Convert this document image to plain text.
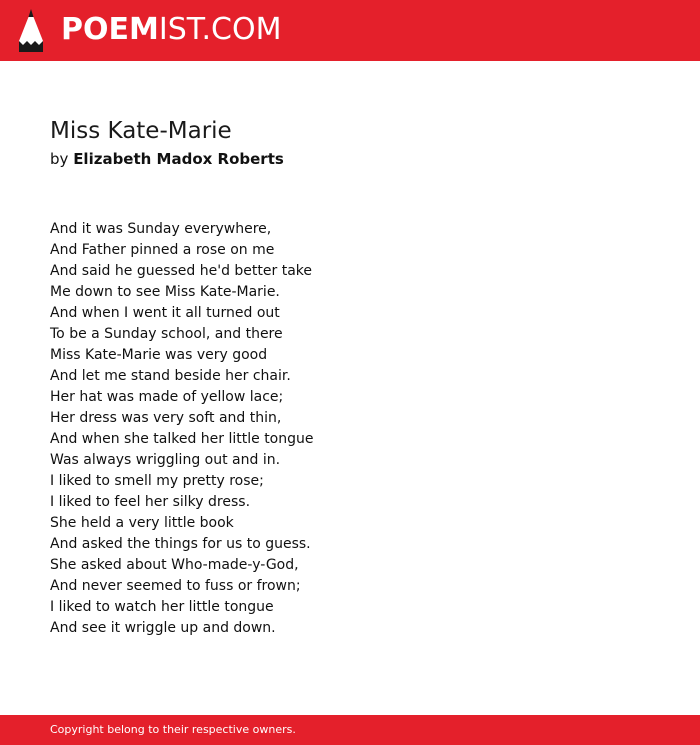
POEM IST.COM
Miss Kate-Marie
by Elizabeth Madox Roberts
And it was Sunday everywhere,
And Father pinned a rose on me
And said he guessed he'd better take
Me down to see Miss Kate-Marie.
And when I went it all turned out
To be a Sunday school, and there
Miss Kate-Marie was very good
And let me stand beside her chair.
Her hat was made of yellow lace;
Her dress was very soft and thin,
And when she talked her little tongue
Was always wriggling out and in.
I liked to smell my pretty rose;
I liked to feel her silky dress.
She held a very little book
And asked the things for us to guess.
She asked about Who-made-y-God,
And never seemed to fuss or frown;
I liked to watch her little tongue
And see it wriggle up and down.
Copyright belong to their respective owners.
